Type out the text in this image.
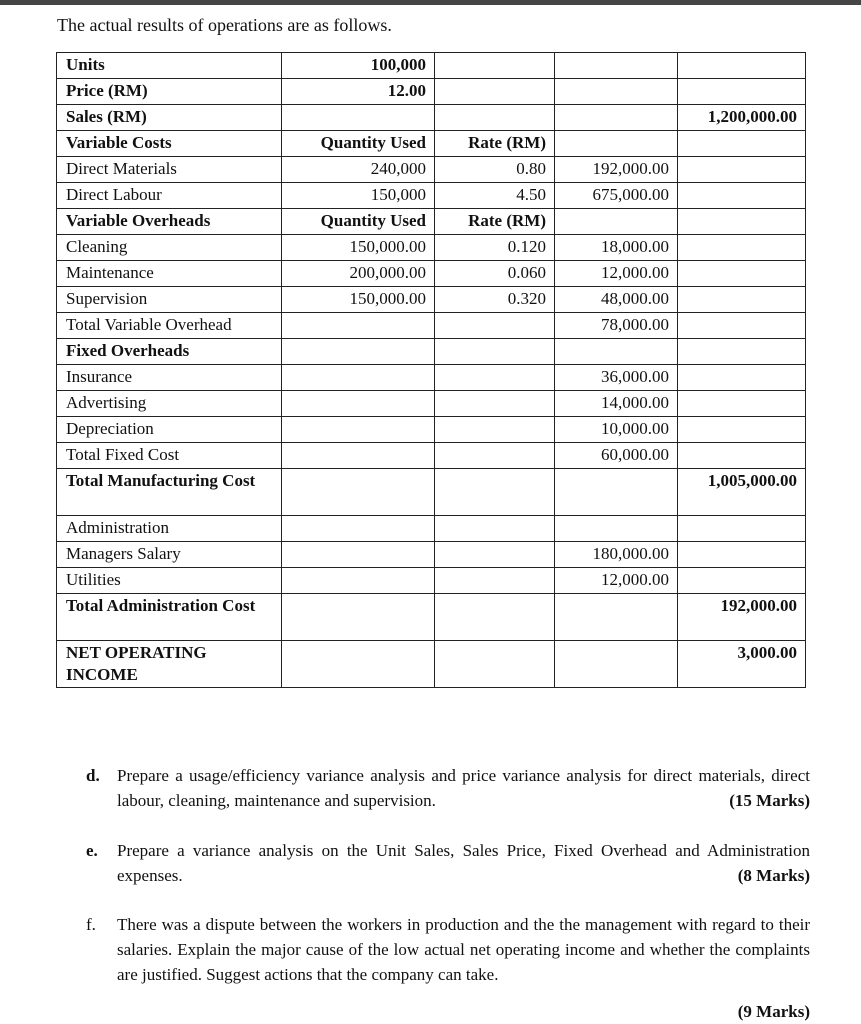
The actual results of operations are as follows.
Units	100,000			
Price (RM)	12.00			
Sales (RM)				1,200,000.00
Variable Costs	Quantity Used	Rate (RM)		
Direct Materials	240,000	0.80	192,000.00	
Direct Labour	150,000	4.50	675,000.00	
Variable Overheads	Quantity Used	Rate (RM)		
Cleaning	150,000.00	0.120	18,000.00	
Maintenance	200,000.00	0.060	12,000.00	
Supervision	150,000.00	0.320	48,000.00	
Total Variable Overhead			78,000.00	
Fixed Overheads				
Insurance			36,000.00	
Advertising			14,000.00	
Depreciation			10,000.00	
Total Fixed Cost			60,000.00	
Total Manufacturing Cost				1,005,000.00
Administration				
Managers Salary			180,000.00	
Utilities			12,000.00	
Total Administration Cost				192,000.00
NET OPERATING INCOME				3,000.00
d. Prepare a usage/efficiency variance analysis and price variance analysis for direct materials, direct labour, cleaning, maintenance and supervision.	(15 Marks)
e. Prepare a variance analysis on the Unit Sales, Sales Price, Fixed Overhead and Administration expenses.	(8 Marks)
f. There was a dispute between the workers in production and the the management with regard to their salaries. Explain the major cause of the low actual net operating income and whether the complaints are justified. Suggest actions that the company can take.
(9 Marks)
